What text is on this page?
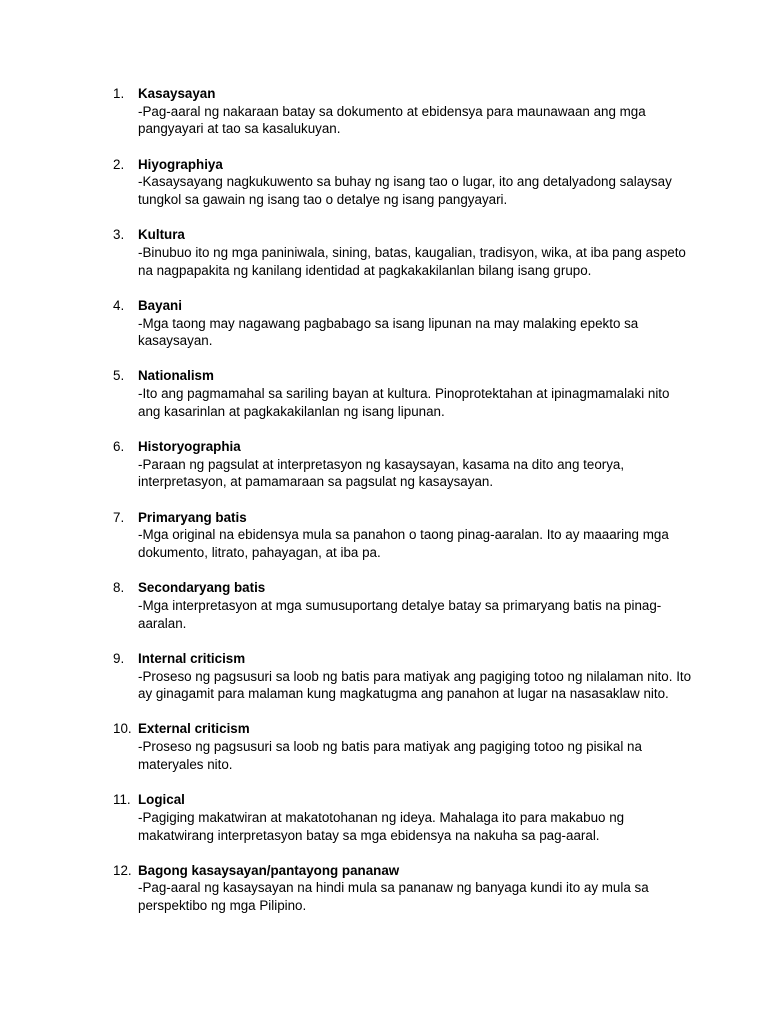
1. Kasaysayan
-Pag-aaral ng nakaraan batay sa dokumento at ebidensya para maunawaan ang mga pangyayari at tao sa kasalukuyan.
2. Hiyographiya
-Kasaysayang nagkukuwento sa buhay ng isang tao o lugar, ito ang detalyadong salaysay tungkol sa gawain ng isang tao o detalye ng isang pangyayari.
3. Kultura
-Binubuo ito ng mga paniniwala, sining, batas, kaugalian, tradisyon, wika, at iba pang aspeto na nagpapakita ng kanilang identidad at pagkakakilanlan bilang isang grupo.
4. Bayani
-Mga taong may nagawang pagbabago sa isang lipunan na may malaking epekto sa kasaysayan.
5. Nationalism
-Ito ang pagmamahal sa sariling bayan at kultura. Pinoprotektahan at ipinagmamalaki nito ang kasarinlan at pagkakakilanlan ng isang lipunan.
6. Historyographia
-Paraan ng pagsulat at interpretasyon ng kasaysayan, kasama na dito ang teorya, interpretasyon, at pamamaraan sa pagsulat ng kasaysayan.
7. Primaryang batis
-Mga original na ebidensya mula sa panahon o taong pinag-aaralan. Ito ay maaaring mga dokumento, litrato, pahayagan, at iba pa.
8. Secondaryang batis
-Mga interpretasyon at mga sumusuportang detalye batay sa primaryang batis na pinag-aaralan.
9. Internal criticism
-Proseso ng pagsusuri sa loob ng batis para matiyak ang pagiging totoo ng nilalaman nito. Ito ay ginagamit para malaman kung magkatugma ang panahon at lugar na nasasaklaw nito.
10. External criticism
-Proseso ng pagsusuri sa loob ng batis para matiyak ang pagiging totoo ng pisikal na materyales nito.
11. Logical
-Pagiging makatwiran at makatotohanan ng ideya. Mahalaga ito para makabuo ng makatwirang interpretasyon batay sa mga ebidensya na nakuha sa pag-aaral.
12. Bagong kasaysayan/pantayong pananaw
-Pag-aaral ng kasaysayan na hindi mula sa pananaw ng banyaga kundi ito ay mula sa perspektibo ng mga Pilipino.
